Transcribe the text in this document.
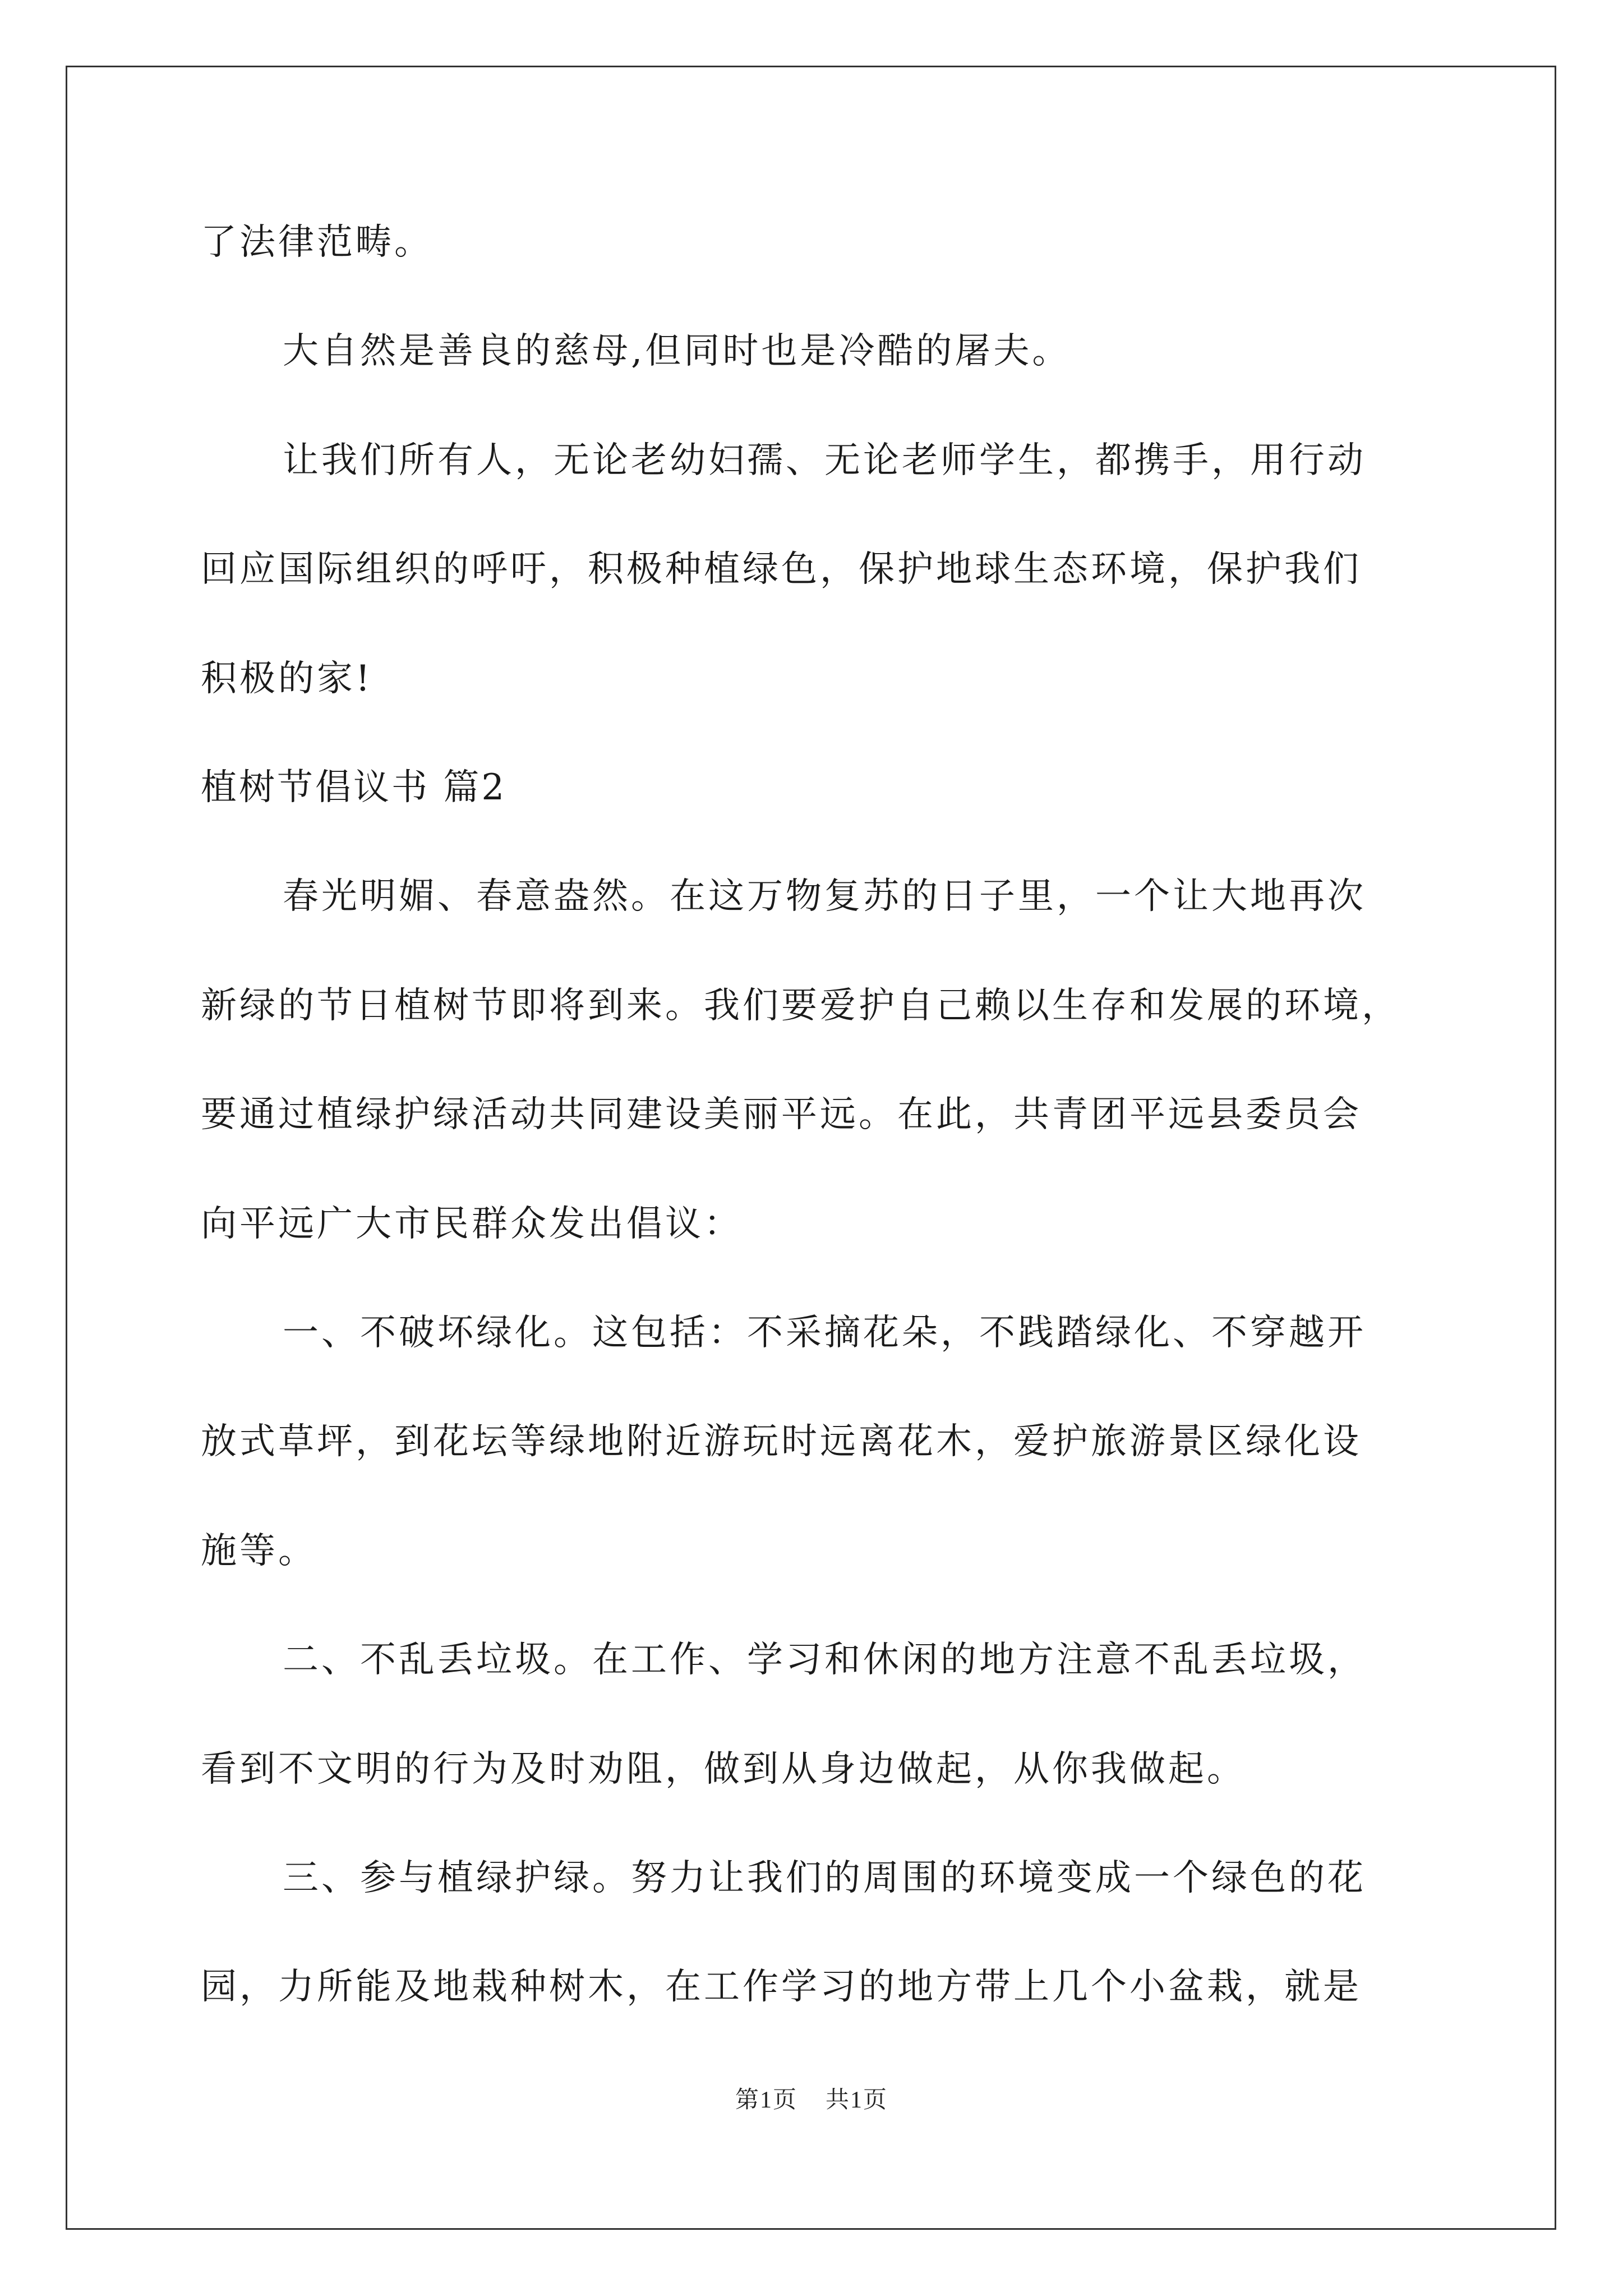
了法律范畴。
大自然是善良的慈母,但同时也是冷酷的屠夫。
让我们所有人，无论老幼妇孺、无论老师学生，都携手，用行动
回应国际组织的呼吁，积极种植绿色，保护地球生态环境，保护我们
积极的家!
植树节倡议书 篇2
春光明媚、春意盎然。在这万物复苏的日子里，一个让大地再次
新绿的节日植树节即将到来。我们要爱护自己赖以生存和发展的环境，
要通过植绿护绿活动共同建设美丽平远。在此，共青团平远县委员会
向平远广大市民群众发出倡议：
一、不破坏绿化。这包括：不采摘花朵，不践踏绿化、不穿越开
放式草坪，到花坛等绿地附近游玩时远离花木，爱护旅游景区绿化设
施等。
二、不乱丢垃圾。在工作、学习和休闲的地方注意不乱丢垃圾，
看到不文明的行为及时劝阻，做到从身边做起，从你我做起。
三、参与植绿护绿。努力让我们的周围的环境变成一个绿色的花
园，力所能及地栽种树木，在工作学习的地方带上几个小盆栽，就是
第1页 共1页
